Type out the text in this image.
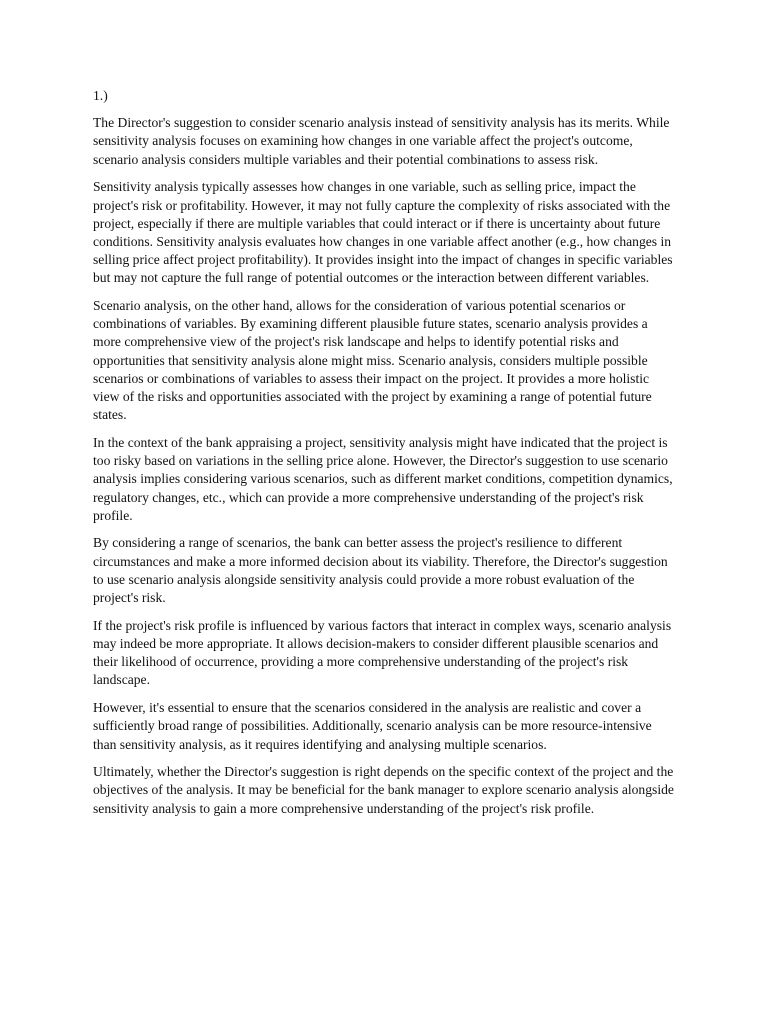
1.)

The Director's suggestion to consider scenario analysis instead of sensitivity analysis has its merits. While sensitivity analysis focuses on examining how changes in one variable affect the project's outcome, scenario analysis considers multiple variables and their potential combinations to assess risk.

Sensitivity analysis typically assesses how changes in one variable, such as selling price, impact the project's risk or profitability. However, it may not fully capture the complexity of risks associated with the project, especially if there are multiple variables that could interact or if there is uncertainty about future conditions. Sensitivity analysis evaluates how changes in one variable affect another (e.g., how changes in selling price affect project profitability). It provides insight into the impact of changes in specific variables but may not capture the full range of potential outcomes or the interaction between different variables.

Scenario analysis, on the other hand, allows for the consideration of various potential scenarios or combinations of variables. By examining different plausible future states, scenario analysis provides a more comprehensive view of the project's risk landscape and helps to identify potential risks and opportunities that sensitivity analysis alone might miss. Scenario analysis, considers multiple possible scenarios or combinations of variables to assess their impact on the project. It provides a more holistic view of the risks and opportunities associated with the project by examining a range of potential future states.

In the context of the bank appraising a project, sensitivity analysis might have indicated that the project is too risky based on variations in the selling price alone. However, the Director's suggestion to use scenario analysis implies considering various scenarios, such as different market conditions, competition dynamics, regulatory changes, etc., which can provide a more comprehensive understanding of the project's risk profile.

By considering a range of scenarios, the bank can better assess the project's resilience to different circumstances and make a more informed decision about its viability. Therefore, the Director's suggestion to use scenario analysis alongside sensitivity analysis could provide a more robust evaluation of the project's risk.

If the project's risk profile is influenced by various factors that interact in complex ways, scenario analysis may indeed be more appropriate. It allows decision-makers to consider different plausible scenarios and their likelihood of occurrence, providing a more comprehensive understanding of the project's risk landscape.

However, it's essential to ensure that the scenarios considered in the analysis are realistic and cover a sufficiently broad range of possibilities. Additionally, scenario analysis can be more resource-intensive than sensitivity analysis, as it requires identifying and analysing multiple scenarios.

Ultimately, whether the Director's suggestion is right depends on the specific context of the project and the objectives of the analysis. It may be beneficial for the bank manager to explore scenario analysis alongside sensitivity analysis to gain a more comprehensive understanding of the project's risk profile.
